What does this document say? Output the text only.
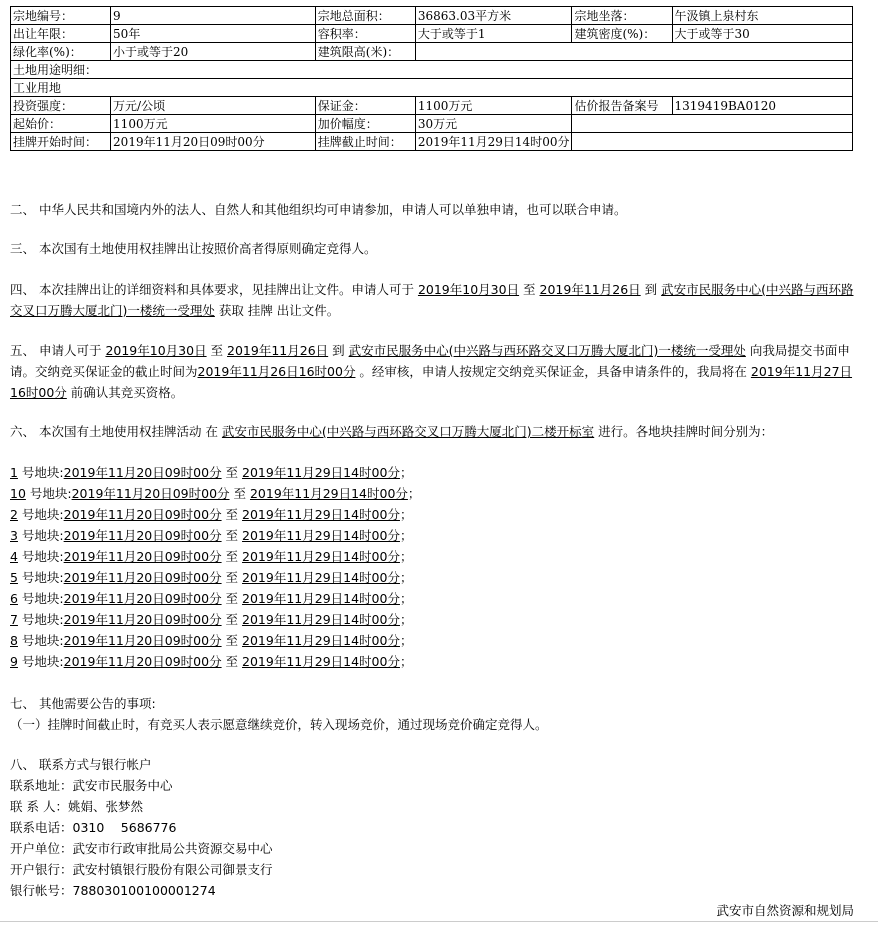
宗地编号：	9	宗地总面积：	36863.03平方米	宗地坐落：	午汲镇上泉村东
出让年限：	50年	容积率：	大于或等于1	建筑密度(%)：	大于或等于30
绿化率(%)：	小于或等于20	建筑限高(米)：			
土地用途明细：					
工业用地					
投资强度：	万元/公顷	保证金：	1100万元	估价报告备案号	1319419BA0120
起始价：	1100万元	加价幅度：	30万元		
挂牌开始时间：	2019年11月20日09时00分	挂牌截止时间：	2019年11月29日14时00分		

二、 中华人民共和国境内外的法人、自然人和其他组织均可申请参加，申请人可以单独申请，也可以联合申请。

三、 本次国有土地使用权挂牌出让按照价高者得原则确定竞得人。

四、 本次挂牌出让的详细资料和具体要求，见挂牌出让文件。申请人可于 2019年10月30日 至 2019年11月26日 到 武安市民服务中心(中兴路与西环路交叉口万腾大厦北门)一楼统一受理处 获取 挂牌 出让文件。

五、 申请人可于 2019年10月30日 至 2019年11月26日 到 武安市民服务中心(中兴路与西环路交叉口万腾大厦北门)一楼统一受理处 向我局提交书面申请。交纳竞买保证金的截止时间为2019年11月26日16时00分 。经审核，申请人按规定交纳竞买保证金，具备申请条件的，我局将在 2019年11月27日16时00分 前确认其竞买资格。

六、 本次国有土地使用权挂牌活动 在 武安市民服务中心(中兴路与西环路交叉口万腾大厦北门)二楼开标室 进行。各地块挂牌时间分别为：

1 号地块:2019年11月20日09时00分 至 2019年11月29日14时00分；
10 号地块:2019年11月20日09时00分 至 2019年11月29日14时00分；
2 号地块:2019年11月20日09时00分 至 2019年11月29日14时00分；
3 号地块:2019年11月20日09时00分 至 2019年11月29日14时00分；
4 号地块:2019年11月20日09时00分 至 2019年11月29日14时00分；
5 号地块:2019年11月20日09时00分 至 2019年11月29日14时00分；
6 号地块:2019年11月20日09时00分 至 2019年11月29日14时00分；
7 号地块:2019年11月20日09时00分 至 2019年11月29日14时00分；
8 号地块:2019年11月20日09时00分 至 2019年11月29日14时00分；
9 号地块:2019年11月20日09时00分 至 2019年11月29日14时00分；

七、 其他需要公告的事项:

（一）挂牌时间截止时，有竞买人表示愿意继续竞价，转入现场竞价，通过现场竞价确定竞得人。

八、 联系方式与银行帐户

联系地址：武安市民服务中心

联 系 人：姚娟、张梦然

联系电话：0310　 5686776

开户单位：武安市行政审批局公共资源交易中心

开户银行：武安村镇银行股份有限公司御景支行

银行帐号：788030100100001274

武安市自然资源和规划局
